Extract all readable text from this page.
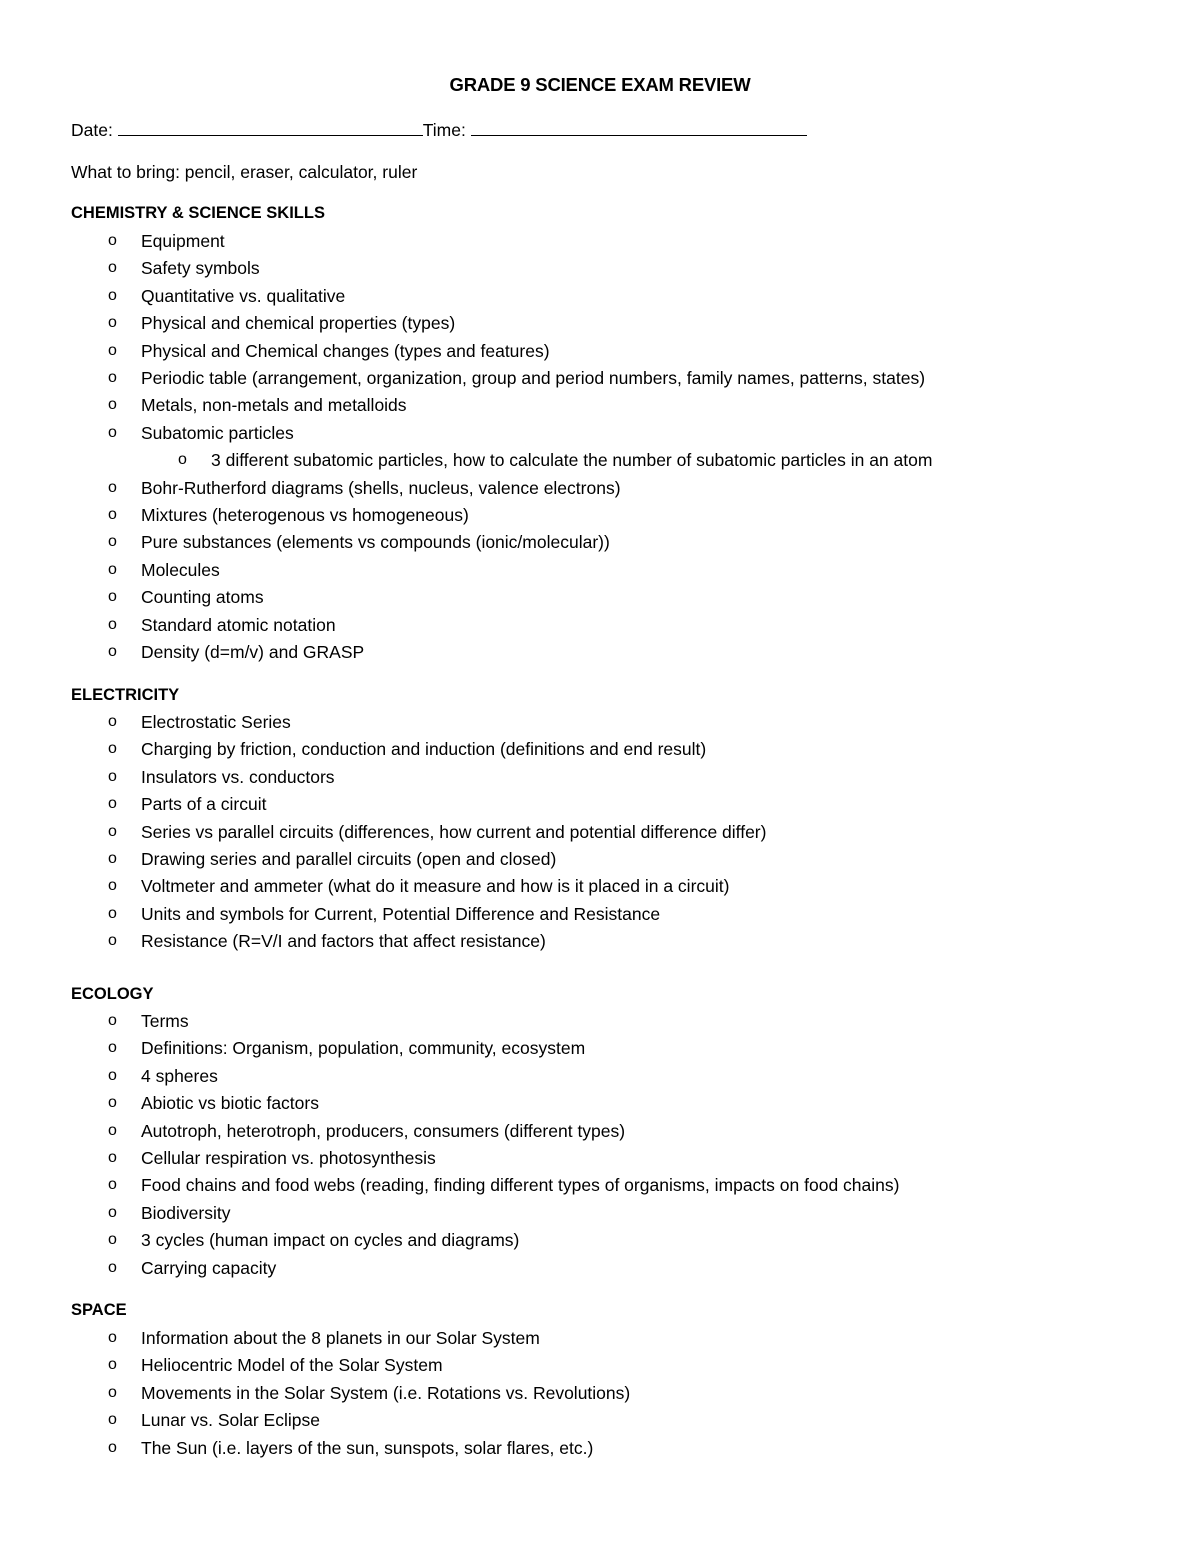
GRADE 9 SCIENCE EXAM REVIEW
Date:	Time:
What to bring: pencil, eraser, calculator, ruler
CHEMISTRY & SCIENCE SKILLS
o Equipment
o Safety symbols
o Quantitative vs. qualitative
o Physical and chemical properties (types)
o Physical and Chemical changes (types and features)
o Periodic table (arrangement, organization, group and period numbers, family names, patterns, states)
o Metals, non-metals and metalloids
o Subatomic particles
o 3 different subatomic particles, how to calculate the number of subatomic particles in an atom
o Bohr-Rutherford diagrams (shells, nucleus, valence electrons)
o Mixtures (heterogenous vs homogeneous)
o Pure substances (elements vs compounds (ionic/molecular))
o Molecules
o Counting atoms
o Standard atomic notation
o Density (d=m/v) and GRASP
ELECTRICITY
o Electrostatic Series
o Charging by friction, conduction and induction (definitions and end result)
o Insulators vs. conductors
o Parts of a circuit
o Series vs parallel circuits (differences, how current and potential difference differ)
o Drawing series and parallel circuits (open and closed)
o Voltmeter and ammeter (what do it measure and how is it placed in a circuit)
o Units and symbols for Current, Potential Difference and Resistance
o Resistance (R=V/I and factors that affect resistance)
ECOLOGY
o Terms
o Definitions: Organism, population, community, ecosystem
o 4 spheres
o Abiotic vs biotic factors
o Autotroph, heterotroph, producers, consumers (different types)
o Cellular respiration vs. photosynthesis
o Food chains and food webs (reading, finding different types of organisms, impacts on food chains)
o Biodiversity
o 3 cycles (human impact on cycles and diagrams)
o Carrying capacity
SPACE
o Information about the 8 planets in our Solar System
o Heliocentric Model of the Solar System
o Movements in the Solar System (i.e. Rotations vs. Revolutions)
o Lunar vs. Solar Eclipse
o The Sun (i.e. layers of the sun, sunspots, solar flares, etc.)
